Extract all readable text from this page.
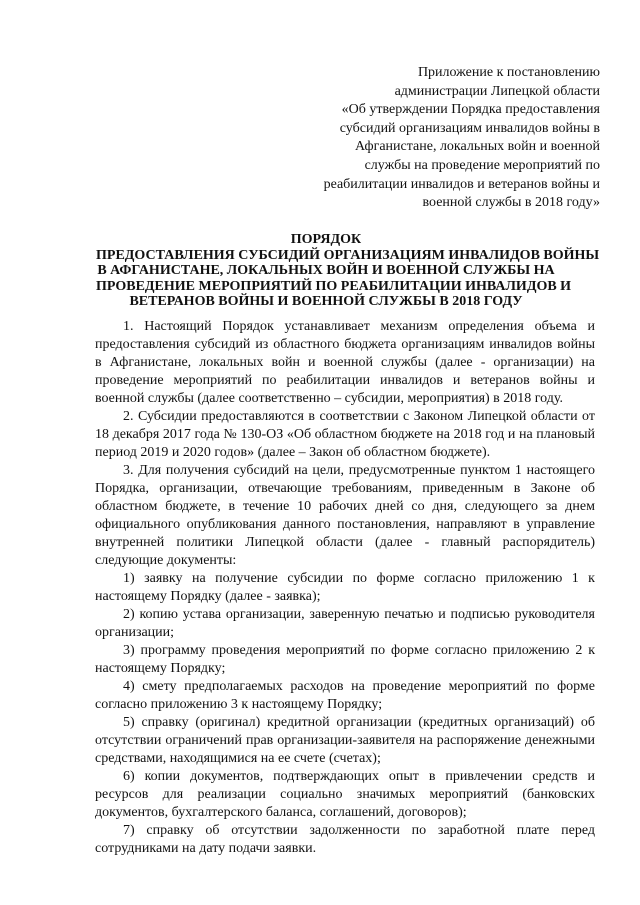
Приложение к постановлению
администрации Липецкой области
«Об утверждении Порядка предоставления
субсидий организациям инвалидов войны в
Афганистане, локальных войн и военной
службы на проведение мероприятий по
реабилитации инвалидов и ветеранов войны и
военной службы в 2018 году»
ПОРЯДОК
ПРЕДОСТАВЛЕНИЯ СУБСИДИЙ ОРГАНИЗАЦИЯМ ИНВАЛИДОВ ВОЙНЫ
В АФГАНИСТАНЕ, ЛОКАЛЬНЫХ ВОЙН И ВОЕННОЙ СЛУЖБЫ НА
ПРОВЕДЕНИЕ МЕРОПРИЯТИЙ ПО РЕАБИЛИТАЦИИ ИНВАЛИДОВ И
ВЕТЕРАНОВ ВОЙНЫ И ВОЕННОЙ СЛУЖБЫ В 2018 ГОДУ

1. Настоящий Порядок устанавливает механизм определения объема и предоставления субсидий из областного бюджета организациям инвалидов войны в Афганистане, локальных войн и военной службы (далее - организации) на проведение мероприятий по реабилитации инвалидов и ветеранов войны и военной службы (далее соответственно – субсидии, мероприятия) в 2018 году.

2. Субсидии предоставляются в соответствии с Законом Липецкой области от 18 декабря 2017 года № 130-ОЗ «Об областном бюджете на 2018 год и на плановый период 2019 и 2020 годов» (далее – Закон об областном бюджете).

3. Для получения субсидий на цели, предусмотренные пунктом 1 настоящего Порядка, организации, отвечающие требованиям, приведенным в Законе об областном бюджете, в течение 10 рабочих дней со дня, следующего за днем официального опубликования данного постановления, направляют в управление внутренней политики Липецкой области (далее - главный распорядитель) следующие документы:

1) заявку на получение субсидии по форме согласно приложению 1 к настоящему Порядку (далее - заявка);

2) копию устава организации, заверенную печатью и подписью руководителя организации;

3) программу проведения мероприятий по форме согласно приложению 2 к настоящему Порядку;

4) смету предполагаемых расходов на проведение мероприятий по форме согласно приложению 3 к настоящему Порядку;

5) справку (оригинал) кредитной организации (кредитных организаций) об отсутствии ограничений прав организации-заявителя на распоряжение денежными средствами, находящимися на ее счете (счетах);

6) копии документов, подтверждающих опыт в привлечении средств и ресурсов для реализации социально значимых мероприятий (банковских документов, бухгалтерского баланса, соглашений, договоров);

7) справку об отсутствии задолженности по заработной плате перед сотрудниками на дату подачи заявки.
